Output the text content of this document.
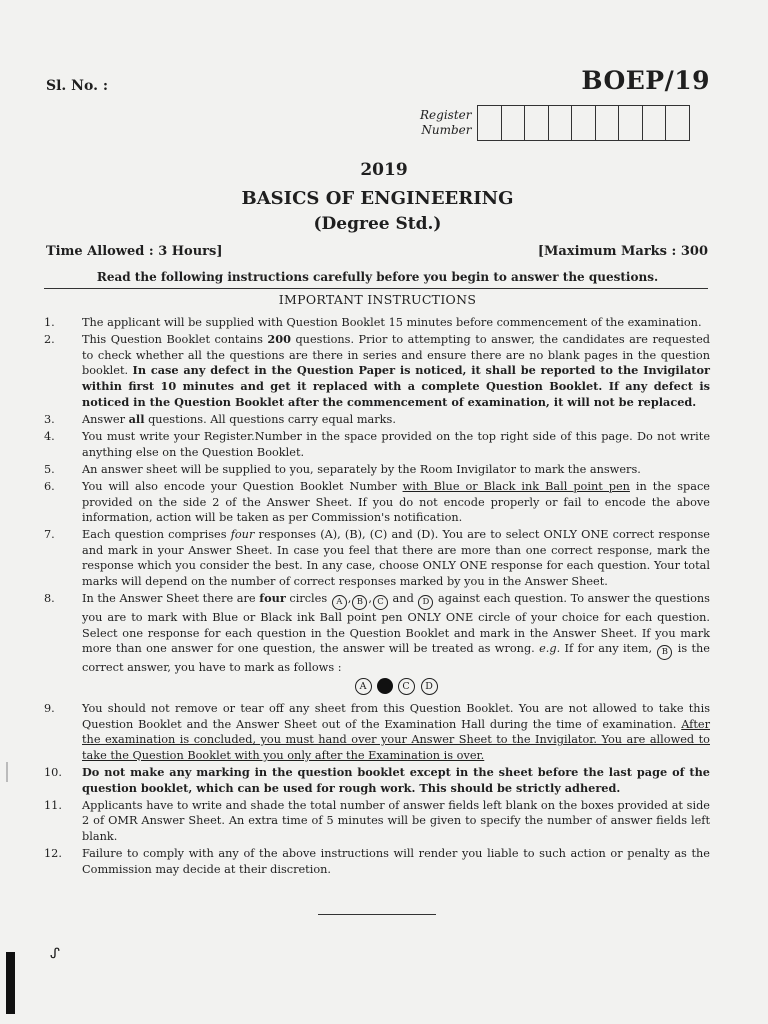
Sl. No. :	BOEP/19
Register
Number
2019
BASICS OF ENGINEERING
(Degree Std.)
Time Allowed : 3 Hours]	[Maximum Marks : 300
Read the following instructions carefully before you begin to answer the questions.
IMPORTANT INSTRUCTIONS
1.	The applicant will be supplied with Question Booklet 15 minutes before commencement of the examination.
2.	This Question Booklet contains 200 questions. Prior to attempting to answer, the candidates are requested to check whether all the questions are there in series and ensure there are no blank pages in the question booklet. In case any defect in the Question Paper is noticed, it shall be reported to the Invigilator within first 10 minutes and get it replaced with a complete Question Booklet. If any defect is noticed in the Question Booklet after the commencement of examination, it will not be replaced.
3.	Answer all questions. All questions carry equal marks.
4.	You must write your Register.Number in the space provided on the top right side of this page. Do not write anything else on the Question Booklet.
5.	An answer sheet will be supplied to you, separately by the Room Invigilator to mark the answers.
6.	You will also encode your Question Booklet Number with Blue or Black ink Ball point pen in the space provided on the side 2 of the Answer Sheet. If you do not encode properly or fail to encode the above information, action will be taken as per Commission's notification.
7.	Each question comprises four responses (A), (B), (C) and (D). You are to select ONLY ONE correct response and mark in your Answer Sheet. In case you feel that there are more than one correct response, mark the response which you consider the best. In any case, choose ONLY ONE response for each question. Your total marks will depend on the number of correct responses marked by you in the Answer Sheet.
8.	In the Answer Sheet there are four circles A , B , C and D against each question. To answer the questions you are to mark with Blue or Black ink Ball point pen ONLY ONE circle of your choice for each question. Select one response for each question in the Question Booklet and mark in the Answer Sheet. If you mark more than one answer for one question, the answer will be treated as wrong. e.g. If for any item, B is the correct answer, you have to mark as follows :
A	C	D
9.	You should not remove or tear off any sheet from this Question Booklet. You are not allowed to take this Question Booklet and the Answer Sheet out of the Examination Hall during the time of examination. After the examination is concluded, you must hand over your Answer Sheet to the Invigilator. You are allowed to take the Question Booklet with you only after the Examination is over.
10.	Do not make any marking in the question booklet except in the sheet before the last page of the question booklet, which can be used for rough work. This should be strictly adhered.
11.	Applicants have to write and shade the total number of answer fields left blank on the boxes provided at side 2 of OMR Answer Sheet. An extra time of 5 minutes will be given to specify the number of answer fields left blank.
12.	Failure to comply with any of the above instructions will render you liable to such action or penalty as the Commission may decide at their discretion.
ᔑ
